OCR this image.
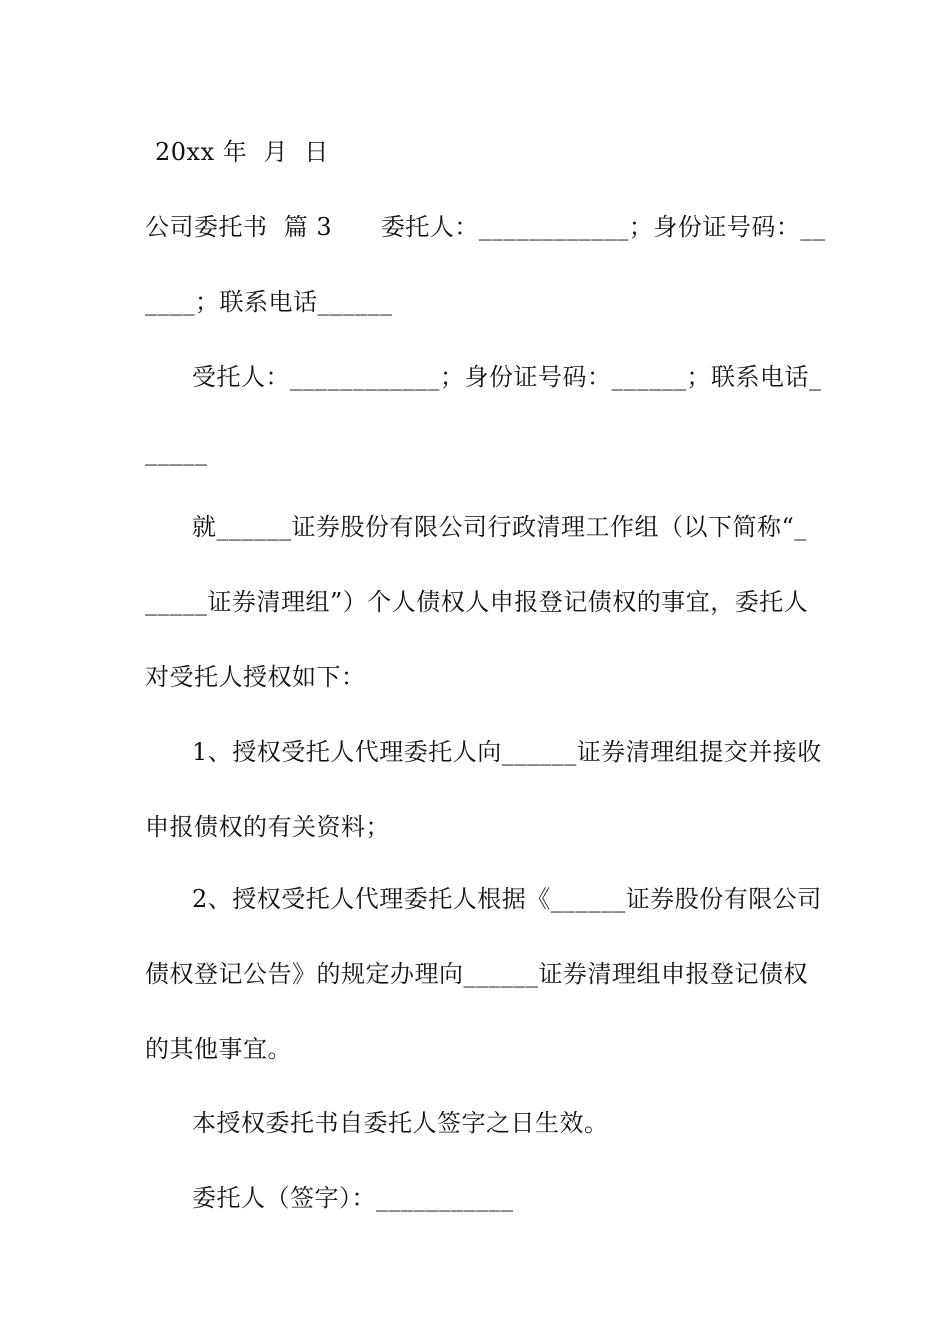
20xx 年  月  日
公司委托书  篇 3      委托人：____________；身份证号码：__
____；联系电话______
受托人：____________；身份证号码：______；联系电话_
_____
就______证券股份有限公司行政清理工作组（以下简称“_
_____证券清理组”）个人债权人申报登记债权的事宜，委托人
对受托人授权如下：
1、授权受托人代理委托人向______证券清理组提交并接收
申报债权的有关资料；
2、授权受托人代理委托人根据《______证券股份有限公司
债权登记公告》的规定办理向______证券清理组申报登记债权
的其他事宜。
本授权委托书自委托人签字之日生效。
委托人（签字）：___________
